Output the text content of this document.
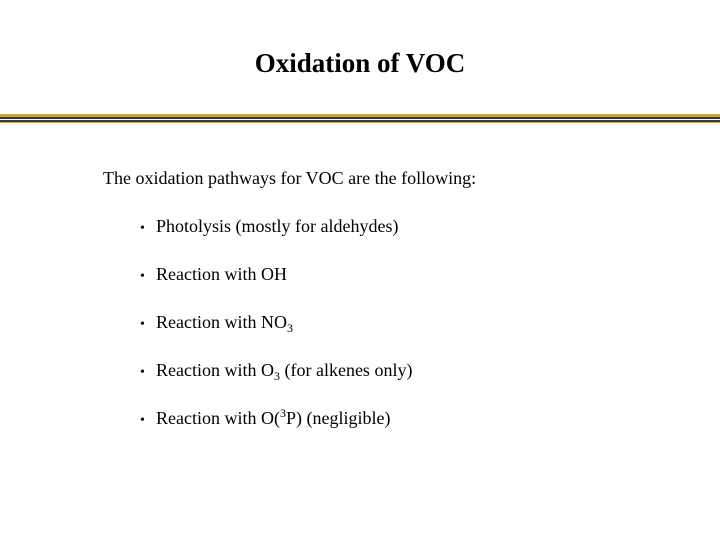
Oxidation of VOC
The oxidation pathways for VOC are the following:
• Photolysis (mostly for aldehydes)
• Reaction with OH
• Reaction with $NO_3$
• Reaction with $O_3$ (for alkenes only)
• Reaction with O($^3$P) (negligible)
